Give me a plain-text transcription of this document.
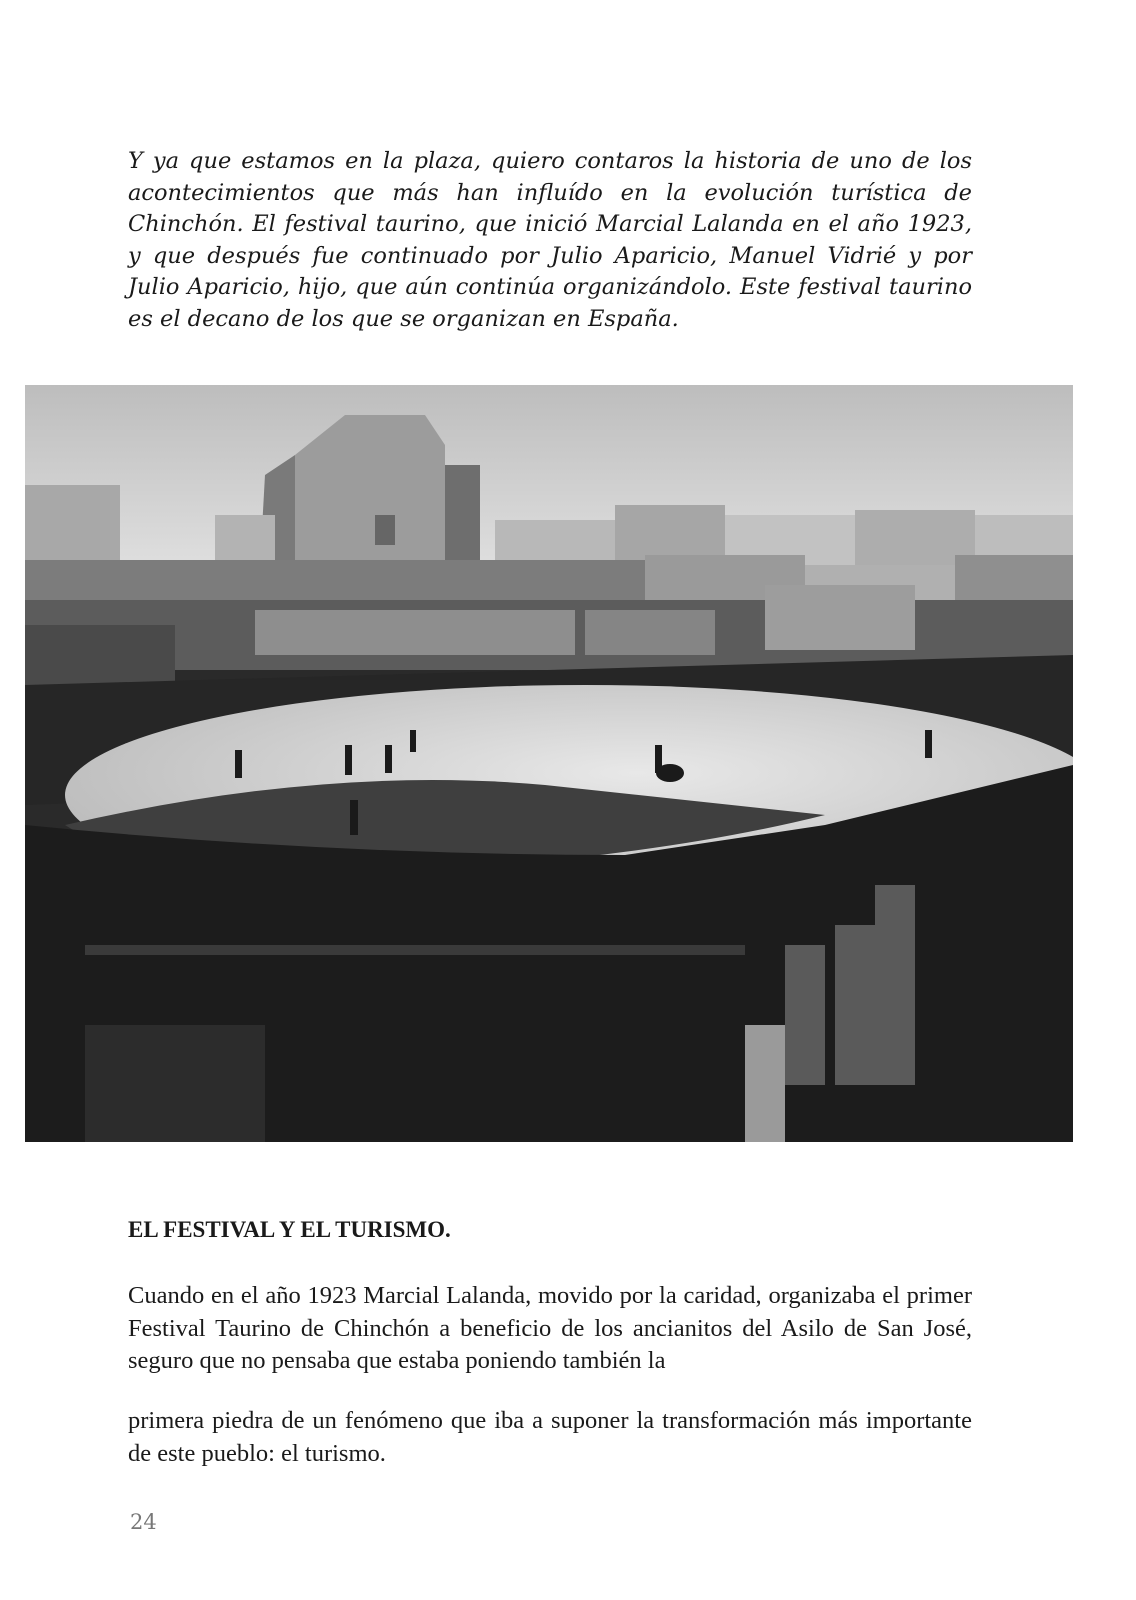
Y ya que estamos en la plaza, quiero contaros la historia de uno de los acontecimientos que más han influído en la evolución turística de Chinchón. El festival taurino, que inició Marcial Lalanda en el año 1923, y que después fue continuado por Julio Aparicio, Manuel Vidrié y por Julio Aparicio, hijo, que aún continúa organizándolo. Este festival taurino es el decano de los que se organizan en España.

EL FESTIVAL Y EL TURISMO.

Cuando en el año 1923 Marcial Lalanda, movido por la caridad, organizaba el primer Festival Taurino de Chinchón a beneficio de los ancianitos del Asilo de San José, seguro que no pensaba que estaba poniendo también la

primera piedra de un fenómeno que iba a suponer la transformación más importante de este pueblo: el turismo.

24
